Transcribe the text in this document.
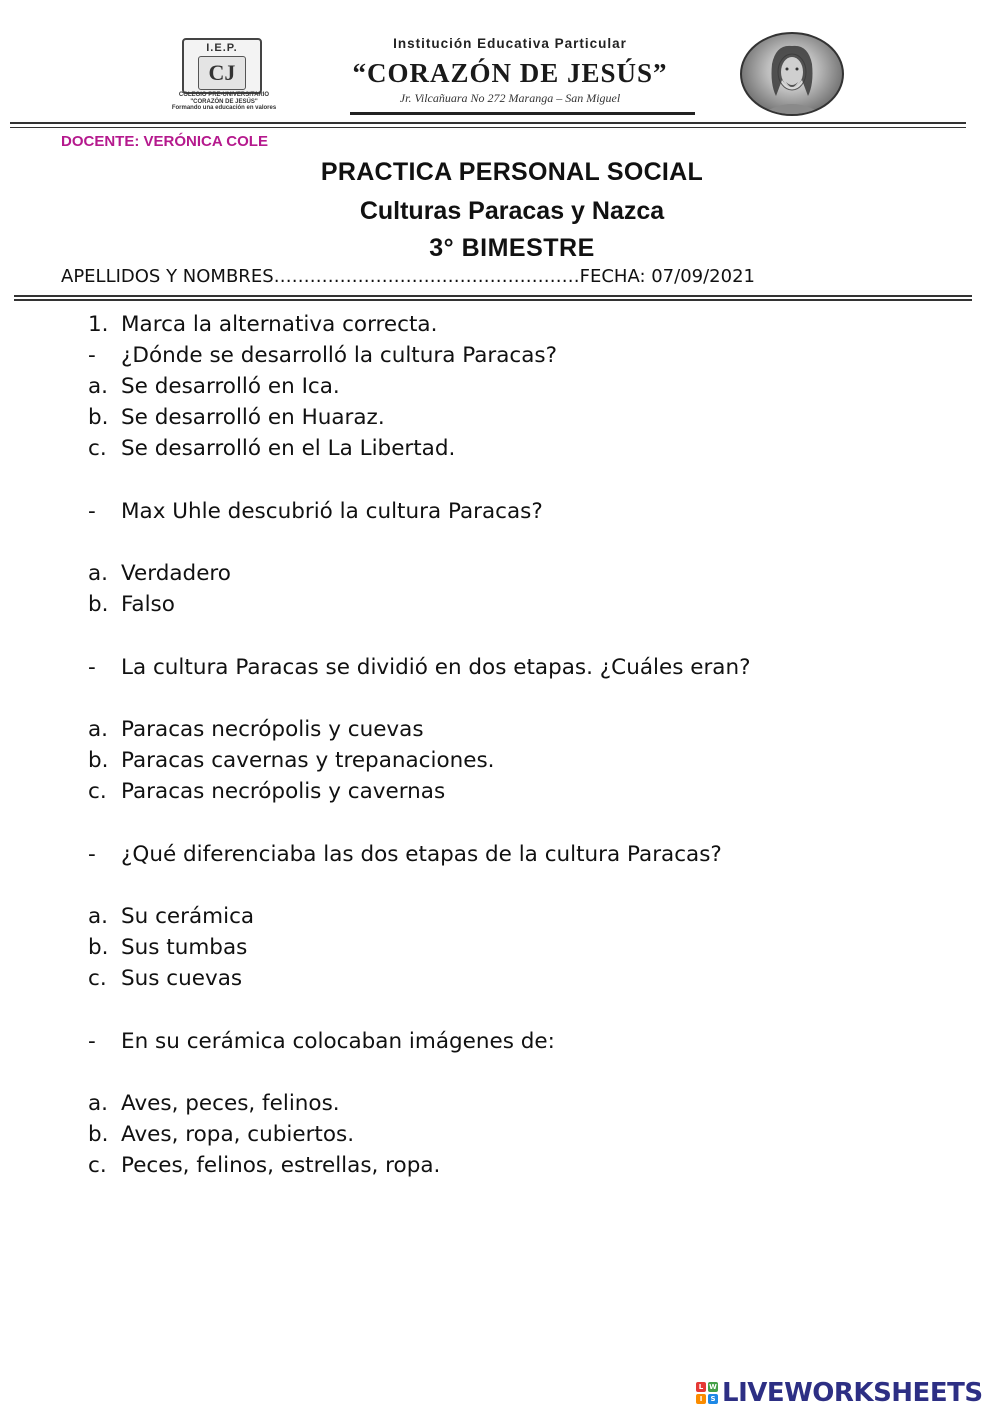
I.E.P.
CJ
COLEGIO PRE-UNIVERSITARIO
"CORAZÓN DE JESÚS"
Formando una educación en valores
Institución Educativa Particular
“CORAZÓN DE JESÚS”
Jr. Vilcañuara No 272 Maranga – San Miguel
DOCENTE: VERÓNICA COLE
PRACTICA PERSONAL SOCIAL
Culturas Paracas y Nazca
3° BIMESTRE
APELLIDOS Y NOMBRES……………………………………………FECHA: 07/09/2021
1. Marca la alternativa correcta.
- ¿Dónde se desarrolló la cultura Paracas?
a. Se desarrolló en Ica.
b. Se desarrolló en Huaraz.
c. Se desarrolló en el La Libertad.
- Max Uhle descubrió la cultura Paracas?
a. Verdadero
b. Falso
- La cultura Paracas se dividió en dos etapas. ¿Cuáles eran?
a. Paracas necrópolis y cuevas
b. Paracas cavernas y trepanaciones.
c. Paracas necrópolis y cavernas
- ¿Qué diferenciaba las dos etapas de la cultura Paracas?
a. Su cerámica
b. Sus tumbas
c. Sus cuevas
- En su cerámica colocaban imágenes de:
a. Aves, peces, felinos.
b. Aves, ropa, cubiertos.
c. Peces, felinos, estrellas, ropa.
L W
I	S LIVEWORKSHEETS
